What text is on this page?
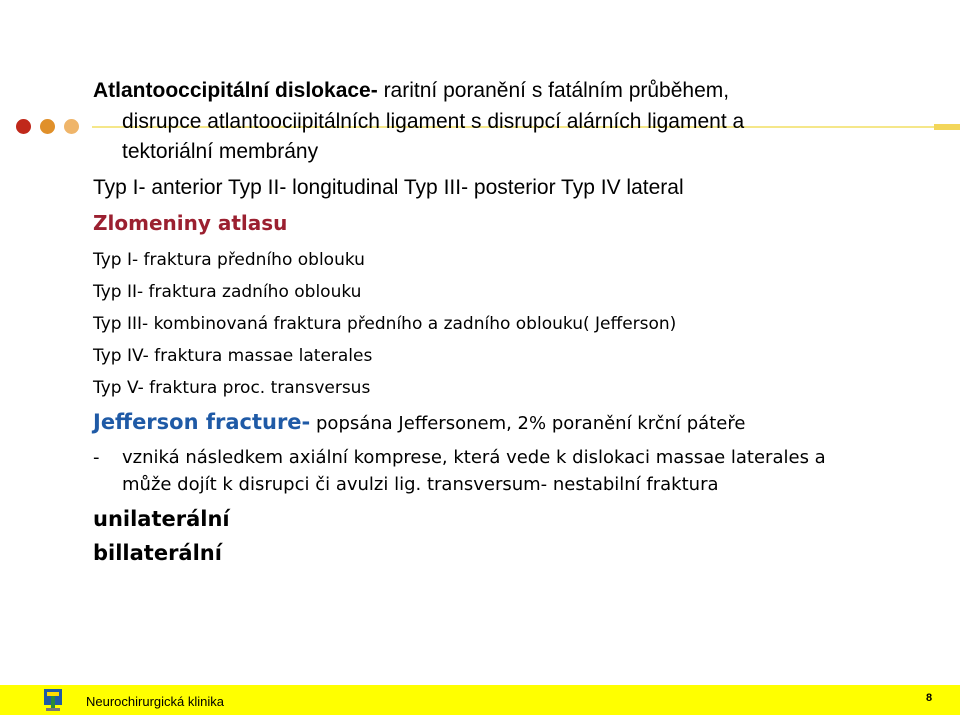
Atlantooccipitální dislokace- raritní poranění s fatálním průběhem,
disrupce atlantoociipitálních ligament s disrupcí alárních ligament a
tektoriální membrány
Typ I- anterior Typ II- longitudinal Typ III- posterior Typ IV lateral
Zlomeniny atlasu
Typ I- fraktura předního oblouku
Typ II- fraktura zadního oblouku
Typ III- kombinovaná fraktura předního a zadního oblouku( Jefferson)
Typ IV- fraktura massae laterales
Typ V- fraktura proc. transversus
Jefferson fracture- popsána Jeffersonem, 2% poranění krční páteře
- vzniká následkem axiální komprese, která vede k dislokaci massae laterales a
může dojít k disrupci či avulzi lig. transversum- nestabilní fraktura
unilaterální
billaterální
Neurochirurgická klinika	8
